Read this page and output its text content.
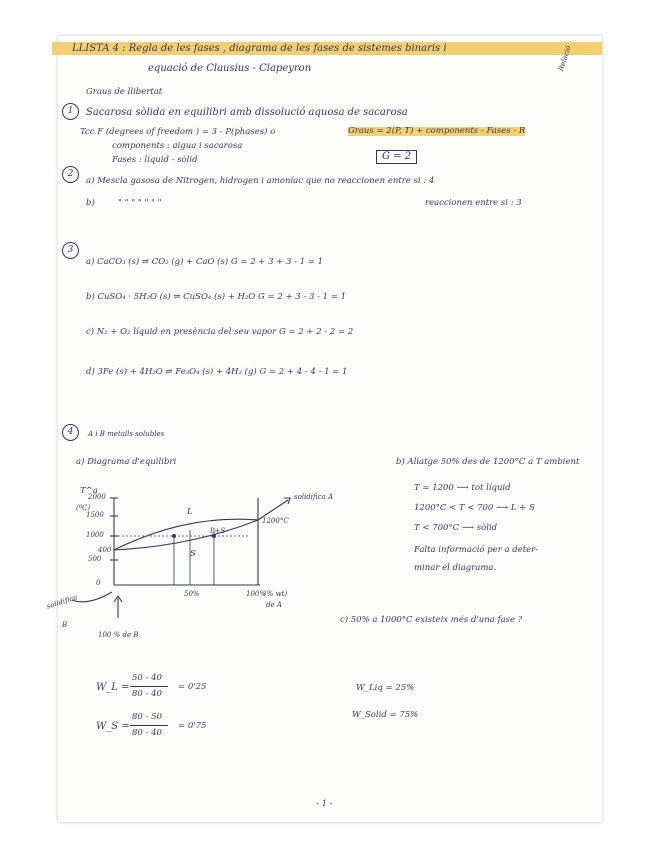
LLISTA 4 : Regla de les fases , diagrama de les fases de sistemes binaris i
equació de Clausius - Clapeyron	Relació
Graus de llibertat
1	Sacarosa sòlida en equilibri amb dissolució aquosa de sacarosa
Tcc F (degrees of freedom ) = 3 - P(phases) o	Graus = 2(P, T) + components - Fases - R
components : aigua i sacarosa
Fases : líquid - sòlid	G = 2
2
a) Mescla gasosa de Nitrogen, hidrogen i amoníac que no reaccionen entre si : 4
b)	" " " " " " "	reaccionen entre si : 3
3
a) CaCO₃ (s) ⇌ CO₂ (g) + CaO (s) G = 2 + 3 + 3 - 1 = 1
b) CuSO₄ · 5H₂O (s) ⇌ CuSO₄ (s) + H₂O G = 2 + 3 - 3 - 1 = 1
c) N₂ + O₂ líquid en presència del seu vapor G = 2 + 2 - 2 = 2
d) 3Fe (s) + 4H₂O ⇌ Fe₃O₄ (s) + 4H₂ (g) G = 2 + 4 - 4 - 1 = 1
4	A i B metalls solubles
a) Diagrama d'equilibri	b) Aliatge 50% des de 1200°C a T ambient
T = 1200 ⟶ tot líquid
1200°C < T < 700 ⟶ L + S
T < 700°C ⟶ sòlid
Falta informació per a deter-
minar el diagrama.
c) 50% a 1000°C existeix més d'una fase ?
T^a
(ºC)
2000
1500
1000
400
500
0
L
L+S
S
1200°C
solidifica A
50%	100%
(% wt)
de A
solidifica
B
100 % de B
W_L =
50 - 40
80 - 40
= 0'25
W_S =
80 - 50
80 - 40
= 0'75
W_Liq = 25%
W_Solid = 75%
- 1 -
